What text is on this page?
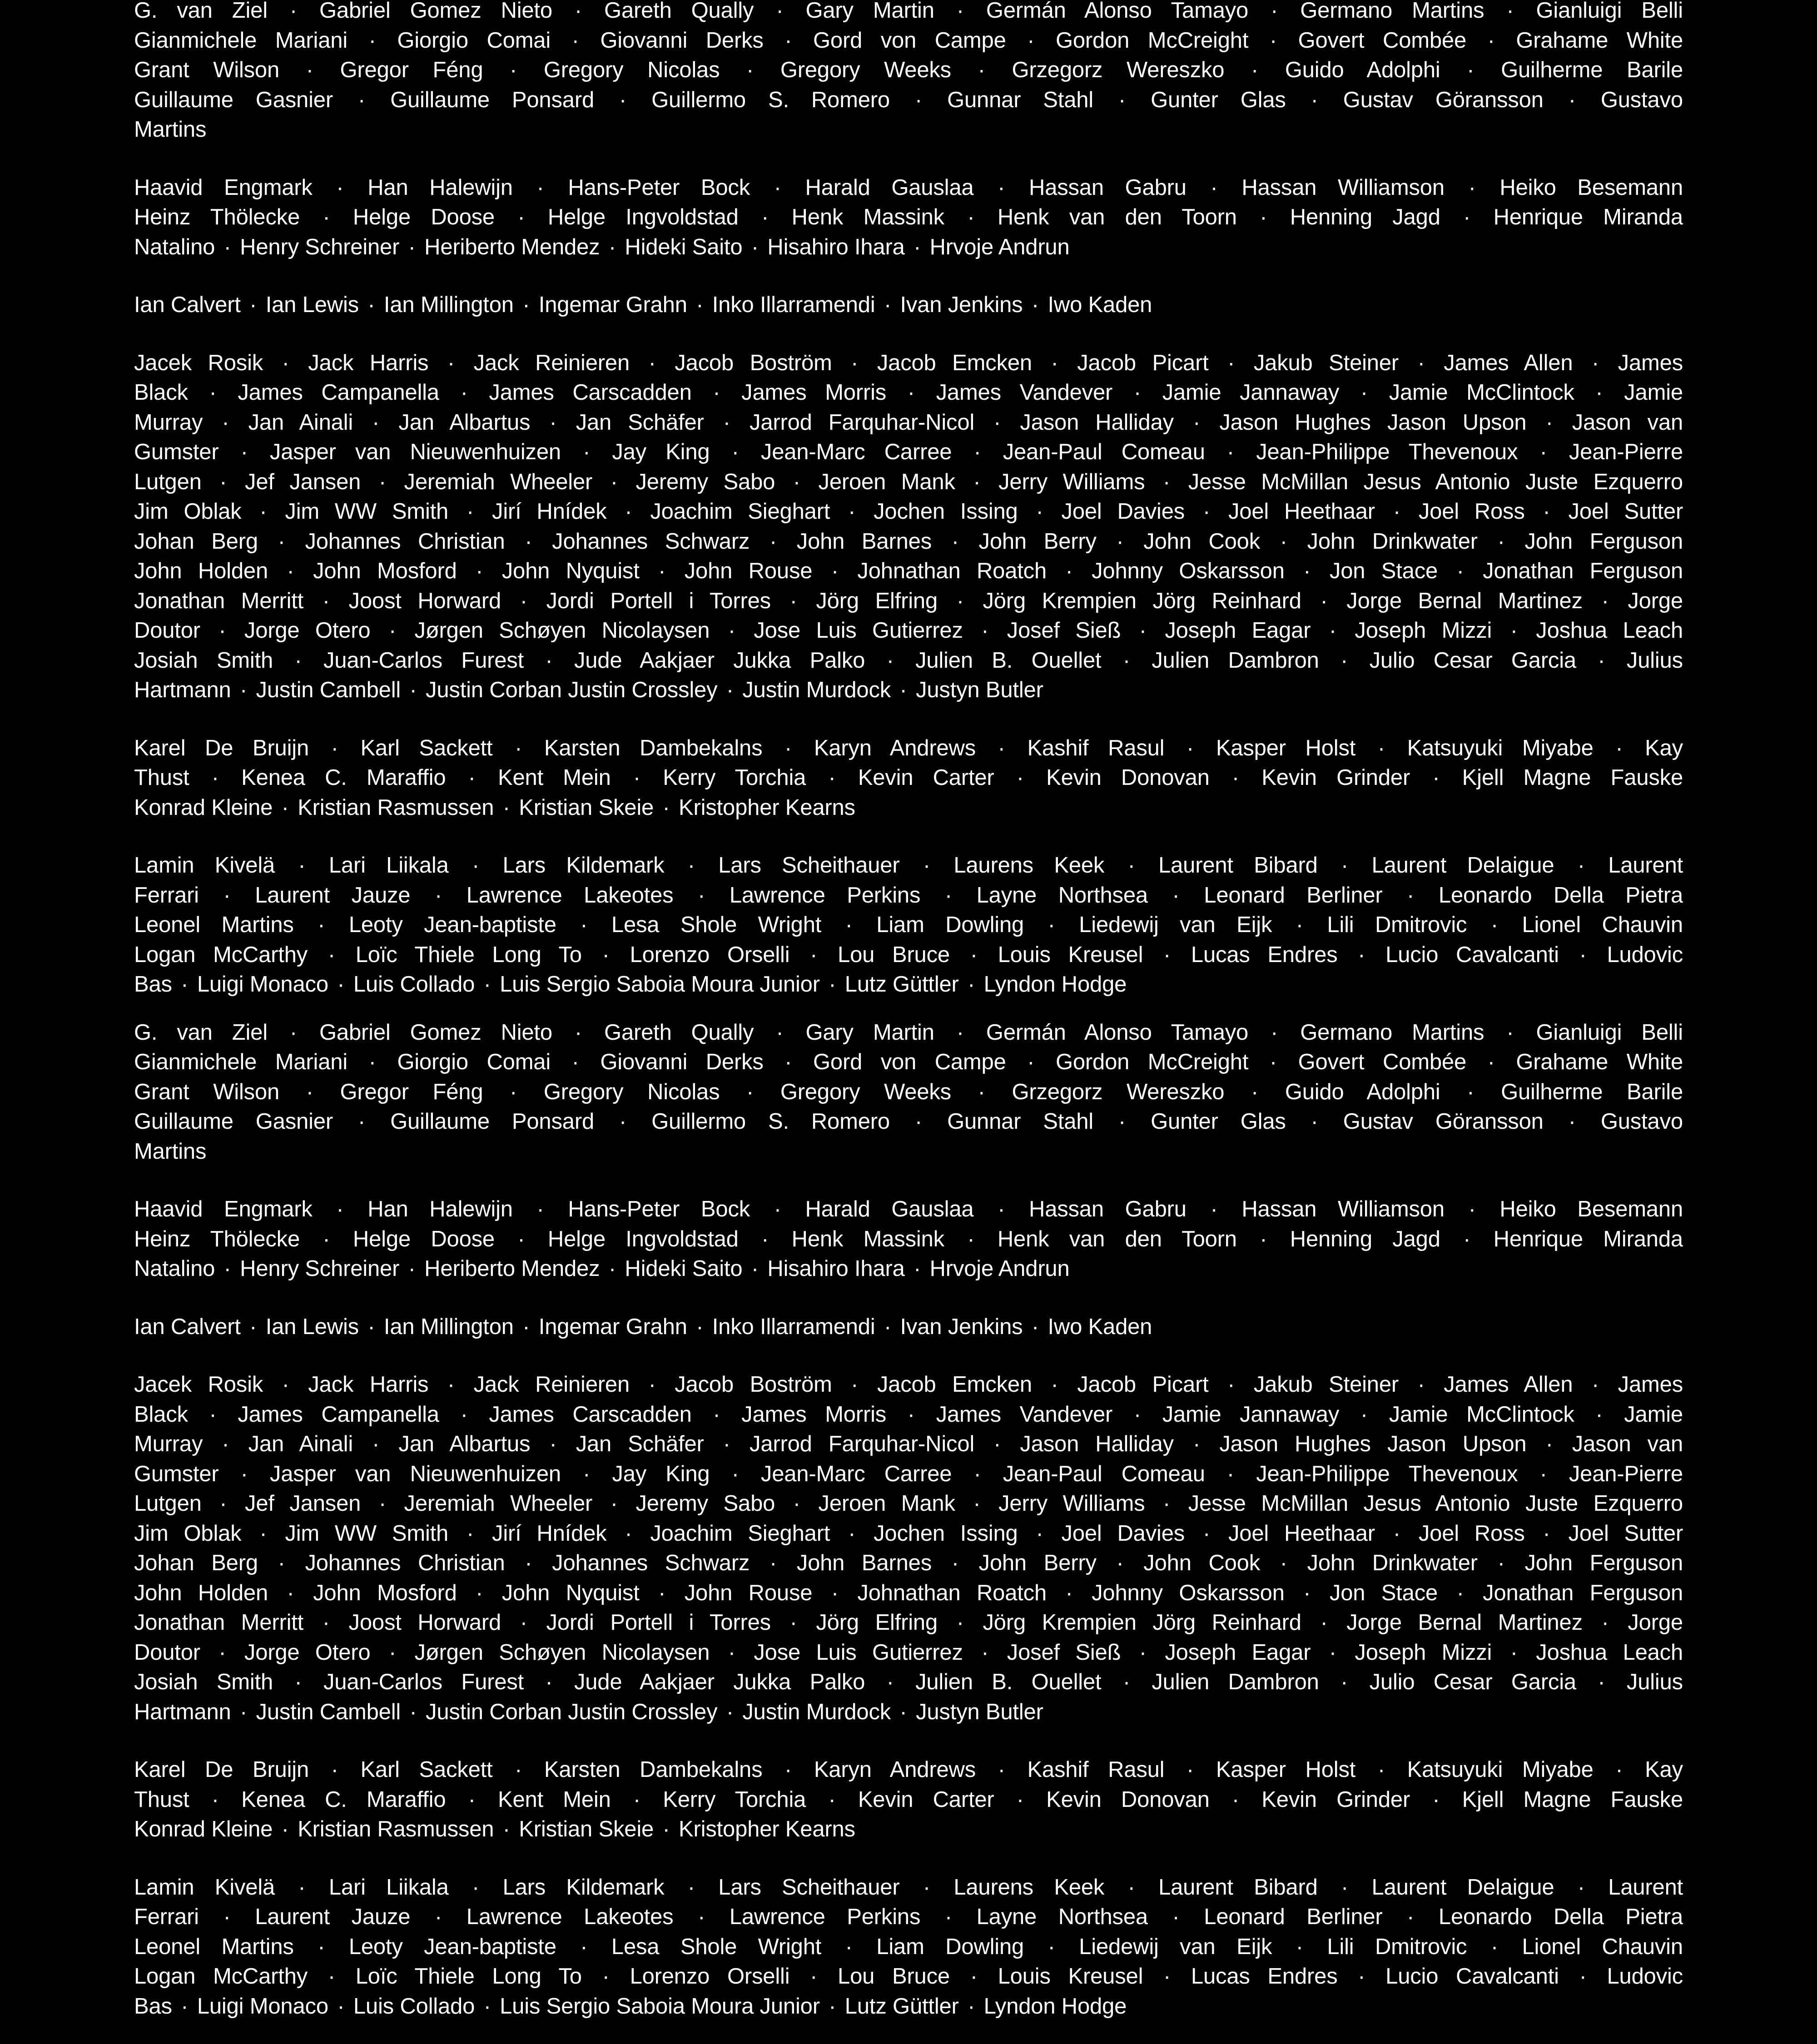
G. van Ziel · Gabriel Gomez Nieto · Gareth Qually · Gary Martin · Germán Alonso Tamayo · Germano Martins · Gianluigi Belli
Gianmichele Mariani · Giorgio Comai · Giovanni Derks · Gord von Campe · Gordon McCreight · Govert Combée · Grahame White
Grant Wilson · Gregor Féng · Gregory Nicolas · Gregory Weeks · Grzegorz Wereszko · Guido Adolphi · Guilherme Barile
Guillaume Gasnier · Guillaume Ponsard · Guillermo S. Romero · Gunnar Stahl · Gunter Glas · Gustav Göransson · Gustavo
Martins
Haavid Engmark · Han Halewijn · Hans-Peter Bock · Harald Gauslaa · Hassan Gabru · Hassan Williamson · Heiko Besemann
Heinz Thölecke · Helge Doose · Helge Ingvoldstad · Henk Massink · Henk van den Toorn · Henning Jagd · Henrique Miranda
Natalino · Henry Schreiner · Heriberto Mendez · Hideki Saito · Hisahiro Ihara · Hrvoje Andrun
Ian Calvert · Ian Lewis · Ian Millington · Ingemar Grahn · Inko Illarramendi · Ivan Jenkins · Iwo Kaden
Jacek Rosik · Jack Harris · Jack Reinieren · Jacob Boström · Jacob Emcken · Jacob Picart · Jakub Steiner · James Allen · James
Black · James Campanella · James Carscadden · James Morris · James Vandever · Jamie Jannaway · Jamie McClintock · Jamie
Murray · Jan Ainali · Jan Albartus · Jan Schäfer · Jarrod Farquhar-Nicol · Jason Halliday · Jason Hughes Jason Upson · Jason van
Gumster · Jasper van Nieuwenhuizen · Jay King · Jean-Marc Carree · Jean-Paul Comeau · Jean-Philippe Thevenoux · Jean-Pierre
Lutgen · Jef Jansen · Jeremiah Wheeler · Jeremy Sabo · Jeroen Mank · Jerry Williams · Jesse McMillan Jesus Antonio Juste Ezquerro
Jim Oblak · Jim WW Smith · Jirí Hnídek · Joachim Sieghart · Jochen Issing · Joel Davies · Joel Heethaar · Joel Ross · Joel Sutter
Johan Berg · Johannes Christian · Johannes Schwarz · John Barnes · John Berry · John Cook · John Drinkwater · John Ferguson
John Holden · John Mosford · John Nyquist · John Rouse · Johnathan Roatch · Johnny Oskarsson · Jon Stace · Jonathan Ferguson
Jonathan Merritt · Joost Horward · Jordi Portell i Torres · Jörg Elfring · Jörg Krempien Jörg Reinhard · Jorge Bernal Martinez · Jorge
Doutor · Jorge Otero · Jørgen Schøyen Nicolaysen · Jose Luis Gutierrez · Josef Sieß · Joseph Eagar · Joseph Mizzi · Joshua Leach
Josiah Smith · Juan-Carlos Furest · Jude Aakjaer Jukka Palko · Julien B. Ouellet · Julien Dambron · Julio Cesar Garcia · Julius
Hartmann · Justin Cambell · Justin Corban Justin Crossley · Justin Murdock · Justyn Butler
Karel De Bruijn · Karl Sackett · Karsten Dambekalns · Karyn Andrews · Kashif Rasul · Kasper Holst · Katsuyuki Miyabe · Kay
Thust · Kenea C. Maraffio · Kent Mein · Kerry Torchia · Kevin Carter · Kevin Donovan · Kevin Grinder · Kjell Magne Fauske
Konrad Kleine · Kristian Rasmussen · Kristian Skeie · Kristopher Kearns
Lamin Kivelä · Lari Liikala · Lars Kildemark · Lars Scheithauer · Laurens Keek · Laurent Bibard · Laurent Delaigue · Laurent
Ferrari · Laurent Jauze · Lawrence Lakeotes · Lawrence Perkins · Layne Northsea · Leonard Berliner · Leonardo Della Pietra
Leonel Martins · Leoty Jean-baptiste · Lesa Shole Wright · Liam Dowling · Liedewij van Eijk · Lili Dmitrovic · Lionel Chauvin
Logan McCarthy · Loïc Thiele Long To · Lorenzo Orselli · Lou Bruce · Louis Kreusel · Lucas Endres · Lucio Cavalcanti · Ludovic
Bas · Luigi Monaco · Luis Collado · Luis Sergio Saboia Moura Junior · Lutz Güttler · Lyndon Hodge
G. van Ziel · Gabriel Gomez Nieto · Gareth Qually · Gary Martin · Germán Alonso Tamayo · Germano Martins · Gianluigi Belli
Gianmichele Mariani · Giorgio Comai · Giovanni Derks · Gord von Campe · Gordon McCreight · Govert Combée · Grahame White
Grant Wilson · Gregor Féng · Gregory Nicolas · Gregory Weeks · Grzegorz Wereszko · Guido Adolphi · Guilherme Barile
Guillaume Gasnier · Guillaume Ponsard · Guillermo S. Romero · Gunnar Stahl · Gunter Glas · Gustav Göransson · Gustavo
Martins
Haavid Engmark · Han Halewijn · Hans-Peter Bock · Harald Gauslaa · Hassan Gabru · Hassan Williamson · Heiko Besemann
Heinz Thölecke · Helge Doose · Helge Ingvoldstad · Henk Massink · Henk van den Toorn · Henning Jagd · Henrique Miranda
Natalino · Henry Schreiner · Heriberto Mendez · Hideki Saito · Hisahiro Ihara · Hrvoje Andrun
Ian Calvert · Ian Lewis · Ian Millington · Ingemar Grahn · Inko Illarramendi · Ivan Jenkins · Iwo Kaden
Jacek Rosik · Jack Harris · Jack Reinieren · Jacob Boström · Jacob Emcken · Jacob Picart · Jakub Steiner · James Allen · James
Black · James Campanella · James Carscadden · James Morris · James Vandever · Jamie Jannaway · Jamie McClintock · Jamie
Murray · Jan Ainali · Jan Albartus · Jan Schäfer · Jarrod Farquhar-Nicol · Jason Halliday · Jason Hughes Jason Upson · Jason van
Gumster · Jasper van Nieuwenhuizen · Jay King · Jean-Marc Carree · Jean-Paul Comeau · Jean-Philippe Thevenoux · Jean-Pierre
Lutgen · Jef Jansen · Jeremiah Wheeler · Jeremy Sabo · Jeroen Mank · Jerry Williams · Jesse McMillan Jesus Antonio Juste Ezquerro
Jim Oblak · Jim WW Smith · Jirí Hnídek · Joachim Sieghart · Jochen Issing · Joel Davies · Joel Heethaar · Joel Ross · Joel Sutter
Johan Berg · Johannes Christian · Johannes Schwarz · John Barnes · John Berry · John Cook · John Drinkwater · John Ferguson
John Holden · John Mosford · John Nyquist · John Rouse · Johnathan Roatch · Johnny Oskarsson · Jon Stace · Jonathan Ferguson
Jonathan Merritt · Joost Horward · Jordi Portell i Torres · Jörg Elfring · Jörg Krempien Jörg Reinhard · Jorge Bernal Martinez · Jorge
Doutor · Jorge Otero · Jørgen Schøyen Nicolaysen · Jose Luis Gutierrez · Josef Sieß · Joseph Eagar · Joseph Mizzi · Joshua Leach
Josiah Smith · Juan-Carlos Furest · Jude Aakjaer Jukka Palko · Julien B. Ouellet · Julien Dambron · Julio Cesar Garcia · Julius
Hartmann · Justin Cambell · Justin Corban Justin Crossley · Justin Murdock · Justyn Butler
Karel De Bruijn · Karl Sackett · Karsten Dambekalns · Karyn Andrews · Kashif Rasul · Kasper Holst · Katsuyuki Miyabe · Kay
Thust · Kenea C. Maraffio · Kent Mein · Kerry Torchia · Kevin Carter · Kevin Donovan · Kevin Grinder · Kjell Magne Fauske
Konrad Kleine · Kristian Rasmussen · Kristian Skeie · Kristopher Kearns
Lamin Kivelä · Lari Liikala · Lars Kildemark · Lars Scheithauer · Laurens Keek · Laurent Bibard · Laurent Delaigue · Laurent
Ferrari · Laurent Jauze · Lawrence Lakeotes · Lawrence Perkins · Layne Northsea · Leonard Berliner · Leonardo Della Pietra
Leonel Martins · Leoty Jean-baptiste · Lesa Shole Wright · Liam Dowling · Liedewij van Eijk · Lili Dmitrovic · Lionel Chauvin
Logan McCarthy · Loïc Thiele Long To · Lorenzo Orselli · Lou Bruce · Louis Kreusel · Lucas Endres · Lucio Cavalcanti · Ludovic
Bas · Luigi Monaco · Luis Collado · Luis Sergio Saboia Moura Junior · Lutz Güttler · Lyndon Hodge
